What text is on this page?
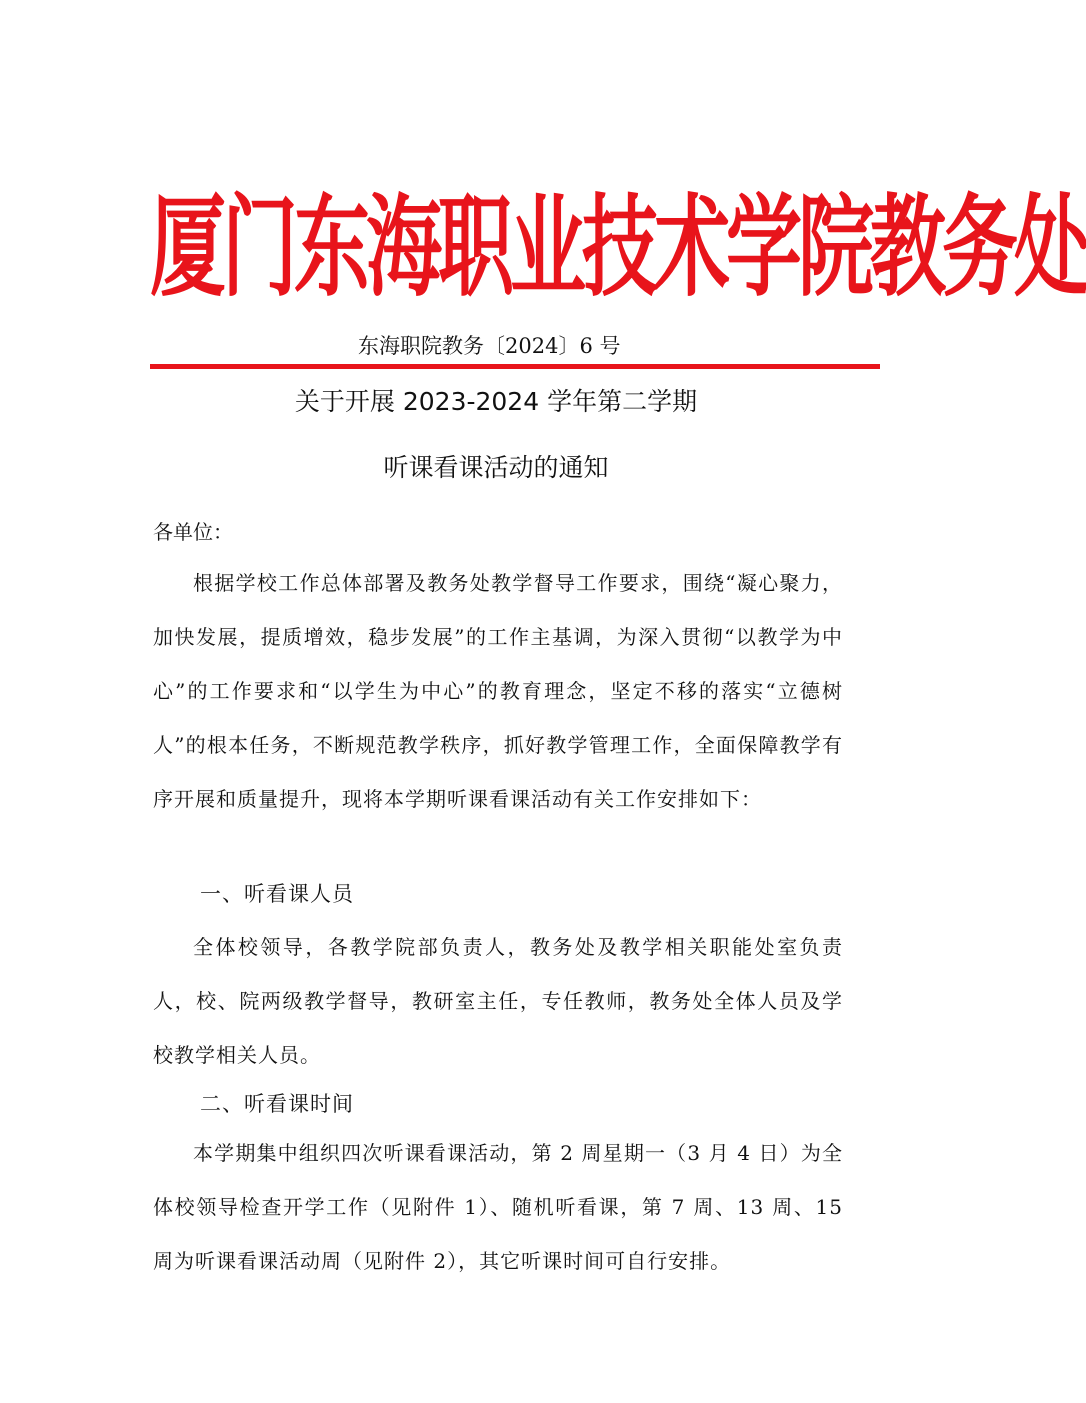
厦门东海职业技术学院教务处
东海职院教务〔2024〕6 号
关于开展 2023-2024 学年第二学期
听课看课活动的通知
各单位：
根据学校工作总体部署及教务处教学督导工作要求，围绕“凝心聚力，加快发展，提质增效，稳步发展”的工作主基调，为深入贯彻“以教学为中心”的工作要求和“以学生为中心”的教育理念，坚定不移的落实“立德树人”的根本任务，不断规范教学秩序，抓好教学管理工作，全面保障教学有序开展和质量提升，现将本学期听课看课活动有关工作安排如下：
一、听看课人员
全体校领导，各教学院部负责人，教务处及教学相关职能处室负责人，校、院两级教学督导，教研室主任，专任教师，教务处全体人员及学校教学相关人员。
二、听看课时间
本学期集中组织四次听课看课活动，第 2 周星期一（3 月 4 日）为全体校领导检查开学工作（见附件 1）、随机听看课，第 7 周、13 周、15 周为听课看课活动周（见附件 2），其它听课时间可自行安排。
